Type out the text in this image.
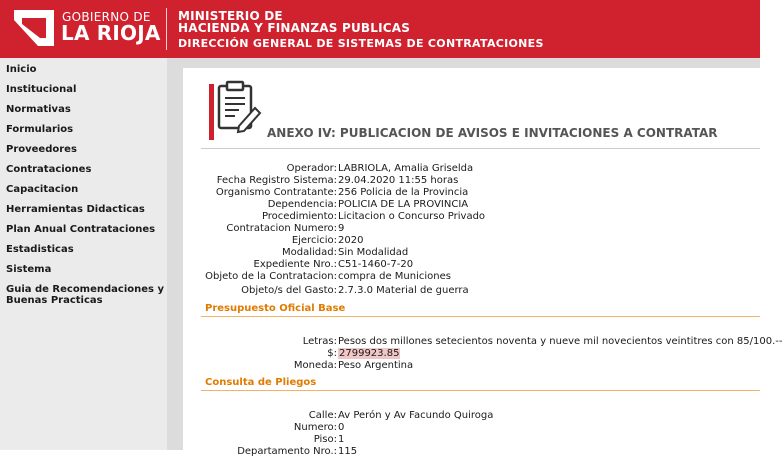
GOBIERNO DE
LA RIOJA
MINISTERIO DE
HACIENDA Y FINANZAS PUBLICAS
DIRECCIÓN GENERAL DE SISTEMAS DE CONTRATACIONES
Inicio
Institucional
Normativas
Formularios
Proveedores
Contrataciones
Capacitacion
Herramientas Didacticas
Plan Anual Contrataciones
Estadisticas
Sistema
Guia de Recomendaciones y Buenas Practicas
ANEXO IV: PUBLICACION DE AVISOS E INVITACIONES A CONTRATAR
Operador: LABRIOLA, Amalia Griselda
Fecha Registro Sistema: 29.04.2020 11:55 horas
Organismo Contratante: 256 Policia de la Provincia
Dependencia: POLICIA DE LA PROVINCIA
Procedimiento: Licitacion o Concurso Privado
Contratacion Numero: 9
Ejercicio: 2020
Modalidad: Sin Modalidad
Expediente Nro.: C51-1460-7-20
Objeto de la Contratacion: compra de Municiones
Objeto/s del Gasto: 2.7.3.0 Material de guerra
Presupuesto Oficial Base
Letras: Pesos dos millones setecientos noventa y nueve mil novecientos veintitres con 85/100.--
$: 2799923.85
Moneda: Peso Argentina
Consulta de Pliegos
Calle: Av Perón y Av Facundo Quiroga
Numero: 0
Piso: 1
Departamento Nro.: 115
